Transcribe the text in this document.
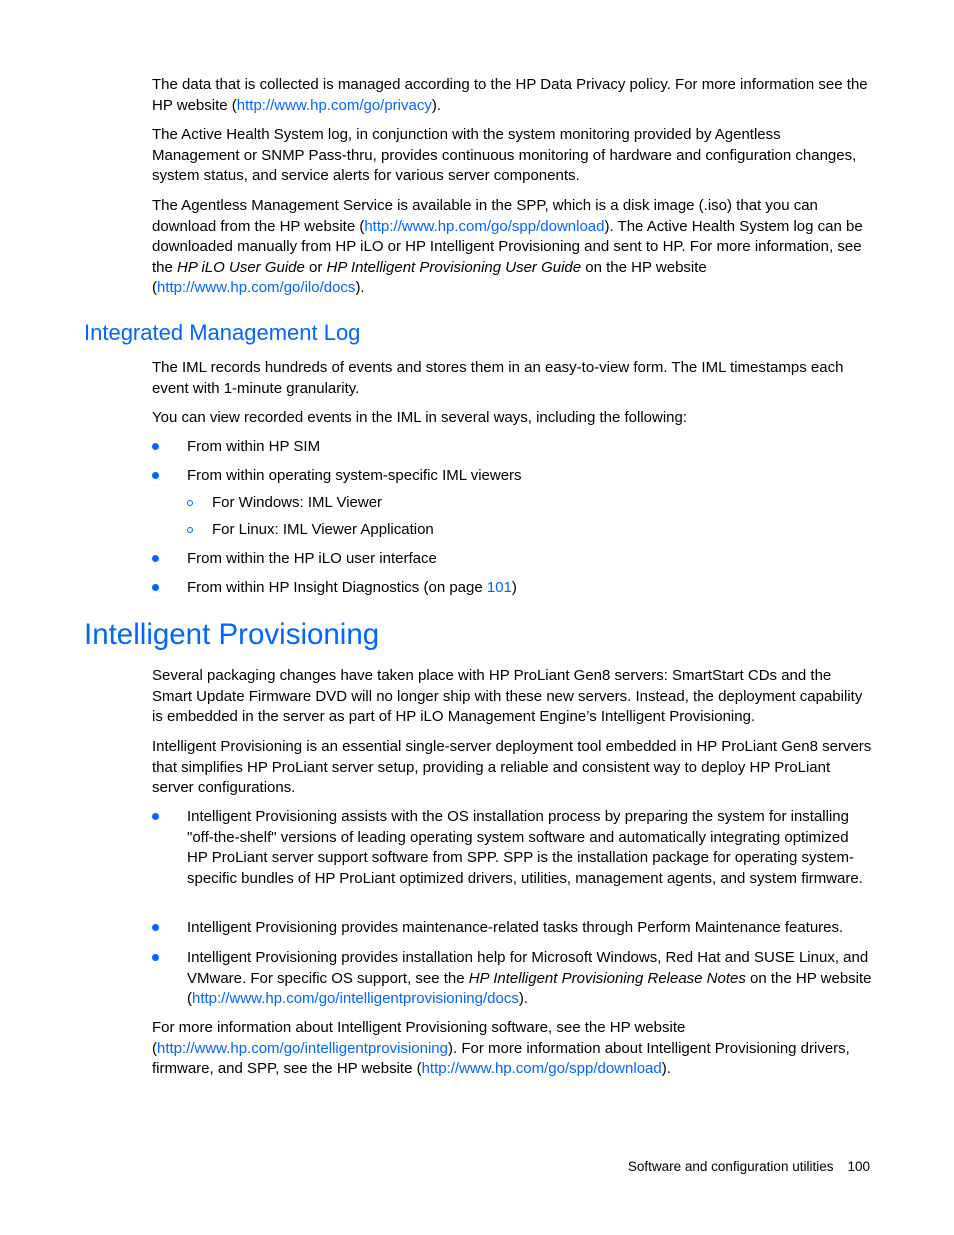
The data that is collected is managed according to the HP Data Privacy policy. For more information see the HP website (http://www.hp.com/go/privacy).

The Active Health System log, in conjunction with the system monitoring provided by Agentless Management or SNMP Pass-thru, provides continuous monitoring of hardware and configuration changes, system status, and service alerts for various server components.

The Agentless Management Service is available in the SPP, which is a disk image (.iso) that you can download from the HP website (http://www.hp.com/go/spp/download). The Active Health System log can be downloaded manually from HP iLO or HP Intelligent Provisioning and sent to HP. For more information, see the HP iLO User Guide or HP Intelligent Provisioning User Guide on the HP website (http://www.hp.com/go/ilo/docs).

Integrated Management Log

The IML records hundreds of events and stores them in an easy-to-view form. The IML timestamps each event with 1-minute granularity.

You can view recorded events in the IML in several ways, including the following:

From within HP SIM
From within operating system-specific IML viewers
For Windows: IML Viewer
For Linux: IML Viewer Application
From within the HP iLO user interface
From within HP Insight Diagnostics (on page 101)
Intelligent Provisioning

Several packaging changes have taken place with HP ProLiant Gen8 servers: SmartStart CDs and the Smart Update Firmware DVD will no longer ship with these new servers. Instead, the deployment capability is embedded in the server as part of HP iLO Management Engine’s Intelligent Provisioning.

Intelligent Provisioning is an essential single-server deployment tool embedded in HP ProLiant Gen8 servers that simplifies HP ProLiant server setup, providing a reliable and consistent way to deploy HP ProLiant server configurations.

Intelligent Provisioning assists with the OS installation process by preparing the system for installing "off-the-shelf" versions of leading operating system software and automatically integrating optimized HP ProLiant server support software from SPP. SPP is the installation package for operating system-specific bundles of HP ProLiant optimized drivers, utilities, management agents, and system firmware.
Intelligent Provisioning provides maintenance-related tasks through Perform Maintenance features.
Intelligent Provisioning provides installation help for Microsoft Windows, Red Hat and SUSE Linux, and VMware. For specific OS support, see the HP Intelligent Provisioning Release Notes on the HP website (http://www.hp.com/go/intelligentprovisioning/docs).

For more information about Intelligent Provisioning software, see the HP website (http://www.hp.com/go/intelligentprovisioning). For more information about Intelligent Provisioning drivers, firmware, and SPP, see the HP website (http://www.hp.com/go/spp/download).

Software and configuration utilities 100
